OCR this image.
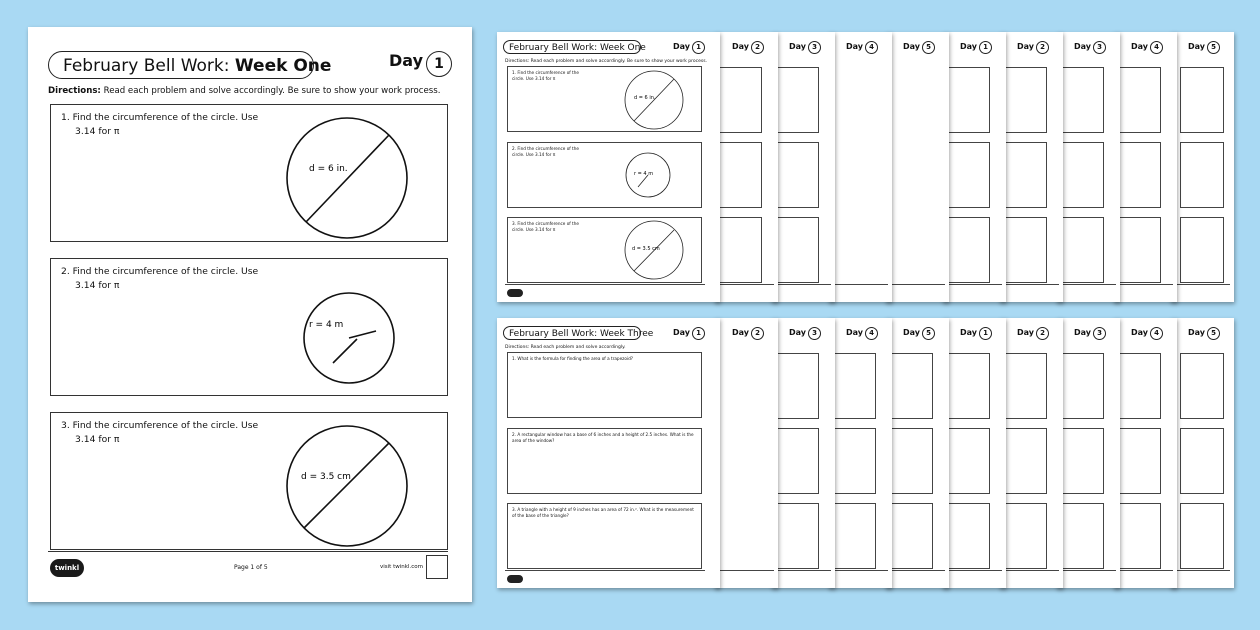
February Bell Work: Week One	Day 1
Directions: Read each problem and solve accordingly. Be sure to show your work process.
1. Find the circumference of the circle. Use
3.14 for π
d = 6 in.
2. Find the circumference of the circle. Use
3.14 for π
r = 4 m
3. Find the circumference of the circle. Use
3.14 for π
d = 3.5 cm
twinkl	Page 1 of 5	visit twinkl.com
Day 5
Day 4
Day 3
Day 2
Day 1
Day 5
Day 4
Day 3
Day 2
February Bell Work: Week One	Day 1
Directions: Read each problem and solve accordingly. Be sure to show your work process.
1. Find the circumference of the circle. Use 3.14 for π
d = 6 in.
2. Find the circumference of the circle. Use 3.14 for π
r = 4 m
3. Find the circumference of the circle. Use 3.14 for π
d = 3.5 cm
Day 5
Day 4
Day 3
Day 2
Day 1
Day 5
Day 4
Day 3
Day 2
February Bell Work: Week Three Day 1
Directions: Read each problem and solve accordingly.
1. What is the formula for finding the area of a trapezoid?
2. A rectangular window has a base of 6 inches and a height of 2.5 inches. What is the area of the window?
3. A triangle with a height of 9 inches has an area of 72 in.². What is the measurement of the base of the triangle?
